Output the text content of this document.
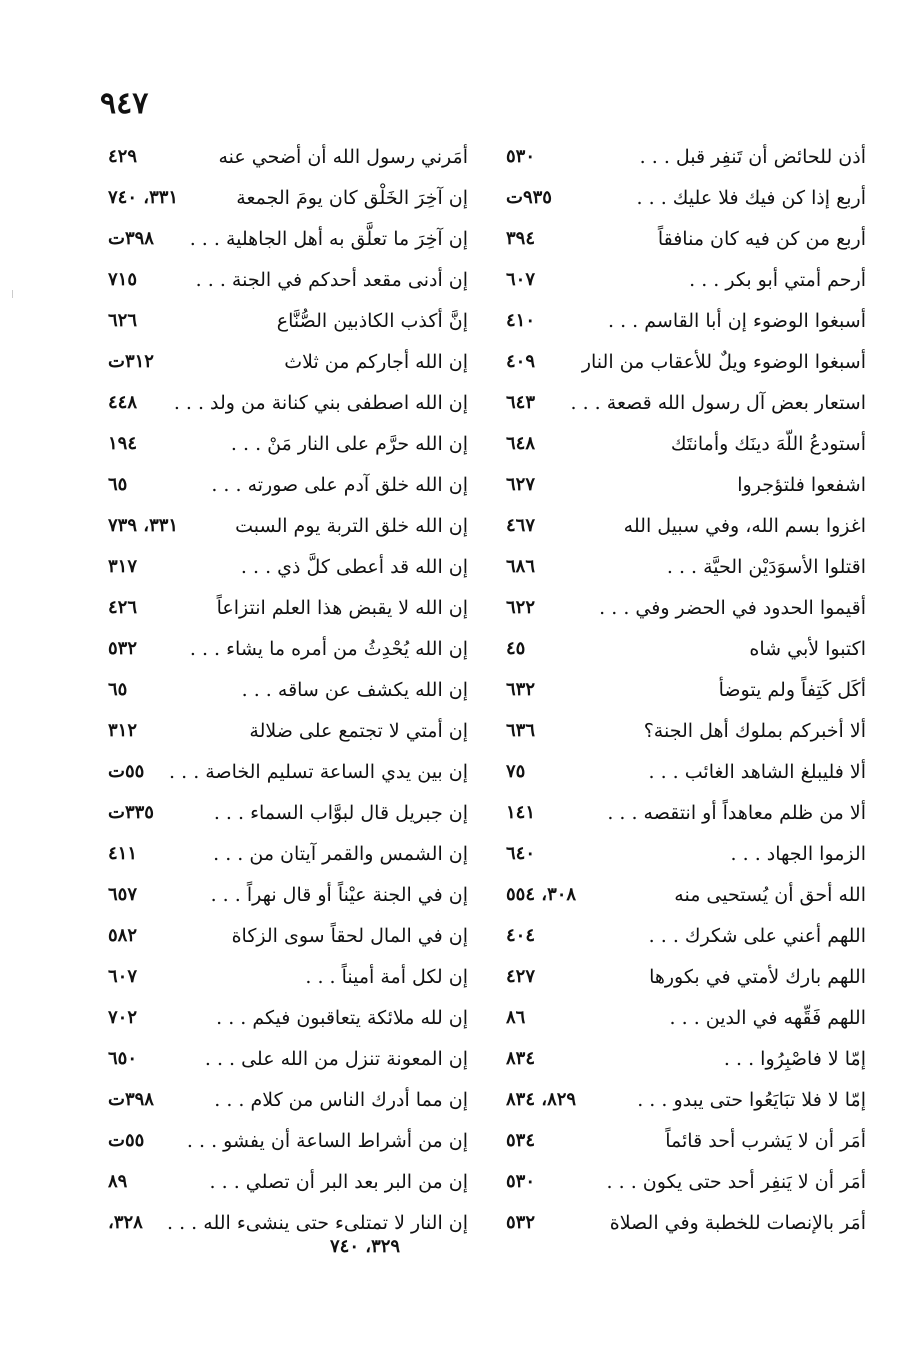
٩٤٧
أذن للحائض أن تَنفِر قبل . . .
٥٣٠
أربع إذا كن فيك فلا عليك . . .
٩٣٥ت
أربع من كن فيه كان منافقاً
٣٩٤
أرحم أمتي أبو بكر . . .
٦٠٧
أسبغوا الوضوء إن أبا القاسم . . .
٤١٠
أسبغوا الوضوء ويلٌ للأعقاب من النار
٤٠٩
استعار بعض آل رسول الله قصعة . . .
٦٤٣
أستودعُ اللّهَ دينَك وأمانتَك
٦٤٨
اشفعوا فلتؤجروا
٦٢٧
اغزوا بسم الله، وفي سبيل الله
٤٦٧
اقتلوا الأسوَدَيْن الحيَّة . . .
٦٨٦
أقيموا الحدود في الحضر وفي . . .
٦٢٢
اكتبوا لأبي شاه
٤٥
أكَل كَتِفاً ولم يتوضأ
٦٣٢
ألا أخبركم بملوك أهل الجنة؟
٦٣٦
ألا فليبلغ الشاهد الغائب . . .
٧٥
ألا من ظلم معاهداً أو انتقصه . . .
١٤١
الزموا الجهاد . . .
٦٤٠
الله أحق أن يُستحيى منه
٣٠٨، ٥٥٤
اللهم أعني على شكرك . . .
٤٠٤
اللهم بارك لأمتي في بكورها
٤٢٧
اللهم فَقِّهه في الدين . . .
٨٦
إمّا لا فاصْبِرُوا . . .
٨٣٤
إمّا لا فلا تبَايَعُوا حتى يبدو . . .
٨٢٩، ٨٣٤
أمَر أن لا يَشرب أحد قائماً
٥٣٤
أمَر أن لا يَنفِر أحد حتى يكون . . .
٥٣٠
أمَر بالإنصات للخطبة وفي الصلاة
٥٣٢
أمَرني رسول الله أن أضحي عنه
٤٢٩
إن آخِرَ الخَلْق كان يومَ الجمعة
٣٣١، ٧٤٠
إن آخِرَ ما تعلَّق به أهل الجاهلية . . .
٣٩٨ت
إن أدنى مقعد أحدكم في الجنة . . .
٧١٥
إنَّ أكذب الكاذبين الصُّنَّاع
٦٢٦
إن الله أجاركم من ثلاث
٣١٢ت
إن الله اصطفى بني كنانة من ولد . . .
٤٤٨
إن الله حرَّم على النار مَنْ . . .
١٩٤
إن الله خلق آدم على صورته . . .
٦٥
إن الله خلق التربة يوم السبت
٣٣١، ٧٣٩
إن الله قد أعطى كلَّ ذي . . .
٣١٧
إن الله لا يقبض هذا العلم انتزاعاً
٤٢٦
إن الله يُحْدِثُ من أمره ما يشاء . . .
٥٣٢
إن الله يكشف عن ساقه . . .
٦٥
إن أمتي لا تجتمع على ضلالة
٣١٢
إن بين يدي الساعة تسليم الخاصة . . .
٥٥ت
إن جبريل قال لبوَّاب السماء . . .
٣٣٥ت
إن الشمس والقمر آيتان من . . .
٤١١
إن في الجنة عيْناً أو قال نهراً . . .
٦٥٧
إن في المال لحقاً سوى الزكاة
٥٨٢
إن لكل أمة أميناً . . .
٦٠٧
إن لله ملائكة يتعاقبون فيكم . . .
٧٠٢
إن المعونة تنزل من الله على . . .
٦٥٠
إن مما أدرك الناس من كلام . . .
٣٩٨ت
إن من أشراط الساعة أن يفشو . . .
٥٥ت
إن من البر بعد البر أن تصلي . . .
٨٩
إن النار لا تمتلىء حتى ينشىء الله . . .
٣٢٨،
٣٢٩، ٧٤٠
